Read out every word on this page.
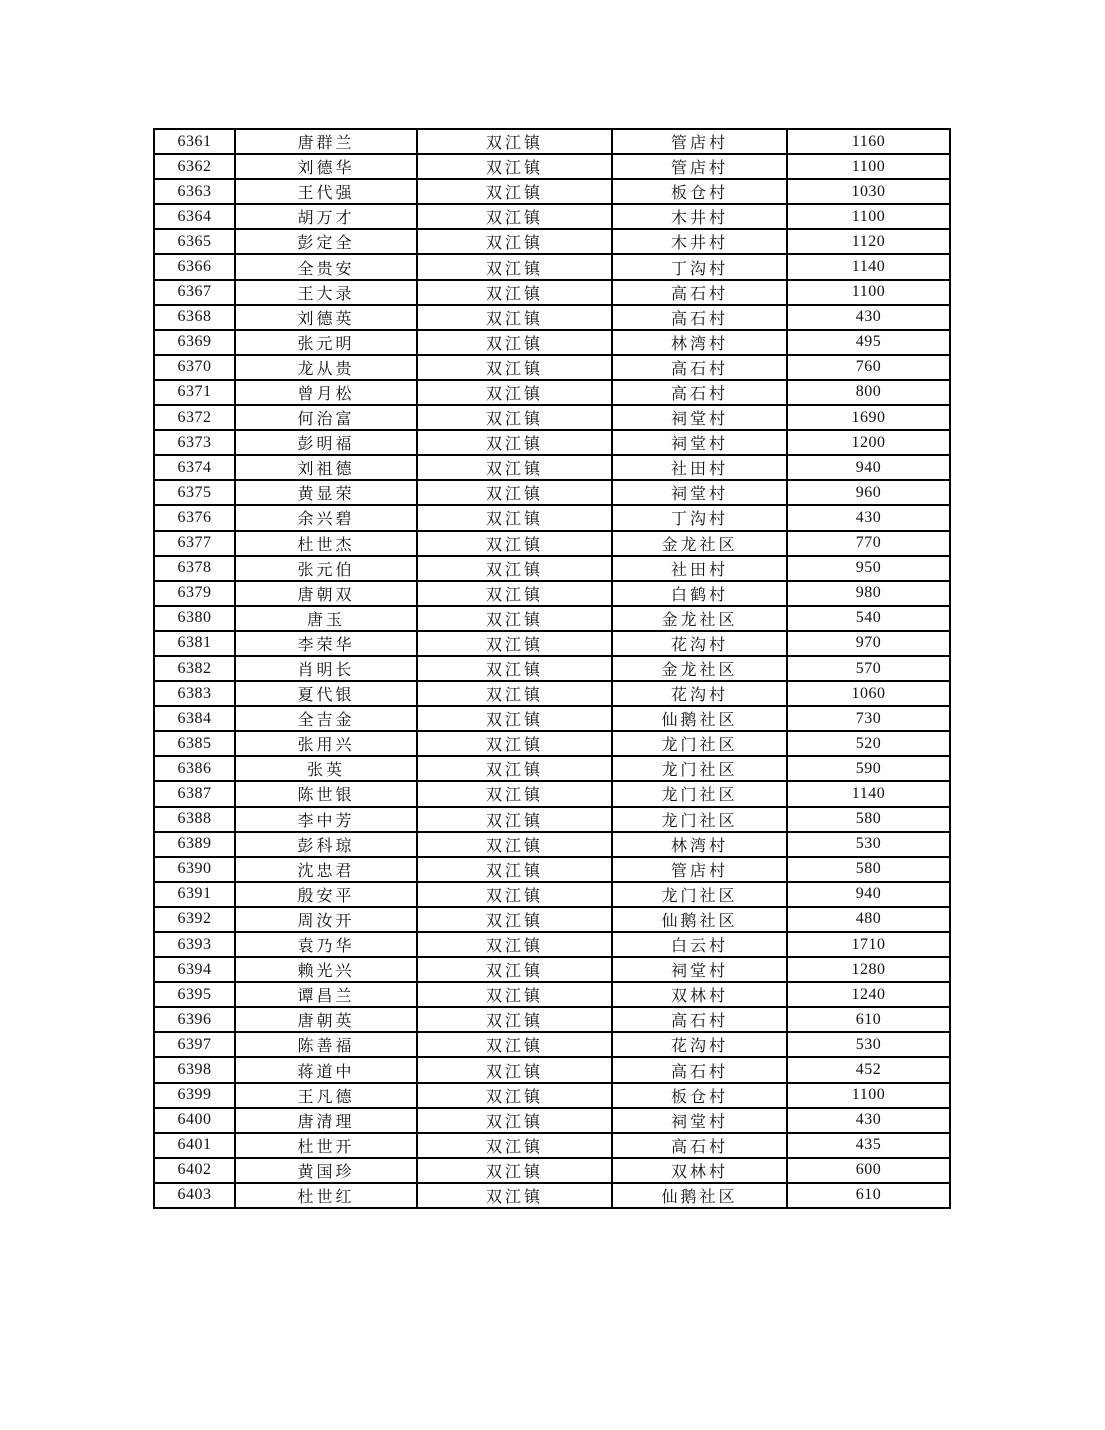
6361	唐群兰	双江镇	管店村	1160
6362	刘德华	双江镇	管店村	1100
6363	王代强	双江镇	板仓村	1030
6364	胡万才	双江镇	木井村	1100
6365	彭定全	双江镇	木井村	1120
6366	全贵安	双江镇	丁沟村	1140
6367	王大录	双江镇	高石村	1100
6368	刘德英	双江镇	高石村	430
6369	张元明	双江镇	林湾村	495
6370	龙从贵	双江镇	高石村	760
6371	曾月松	双江镇	高石村	800
6372	何治富	双江镇	祠堂村	1690
6373	彭明福	双江镇	祠堂村	1200
6374	刘祖德	双江镇	社田村	940
6375	黄显荣	双江镇	祠堂村	960
6376	余兴碧	双江镇	丁沟村	430
6377	杜世杰	双江镇	金龙社区	770
6378	张元伯	双江镇	社田村	950
6379	唐朝双	双江镇	白鹤村	980
6380	唐玉	双江镇	金龙社区	540
6381	李荣华	双江镇	花沟村	970
6382	肖明长	双江镇	金龙社区	570
6383	夏代银	双江镇	花沟村	1060
6384	全吉金	双江镇	仙鹅社区	730
6385	张用兴	双江镇	龙门社区	520
6386	张英	双江镇	龙门社区	590
6387	陈世银	双江镇	龙门社区	1140
6388	李中芳	双江镇	龙门社区	580
6389	彭科琼	双江镇	林湾村	530
6390	沈忠君	双江镇	管店村	580
6391	殷安平	双江镇	龙门社区	940
6392	周汝开	双江镇	仙鹅社区	480
6393	袁乃华	双江镇	白云村	1710
6394	赖光兴	双江镇	祠堂村	1280
6395	谭昌兰	双江镇	双林村	1240
6396	唐朝英	双江镇	高石村	610
6397	陈善福	双江镇	花沟村	530
6398	蒋道中	双江镇	高石村	452
6399	王凡德	双江镇	板仓村	1100
6400	唐清理	双江镇	祠堂村	430
6401	杜世开	双江镇	高石村	435
6402	黄国珍	双江镇	双林村	600
6403	杜世红	双江镇	仙鹅社区	610
